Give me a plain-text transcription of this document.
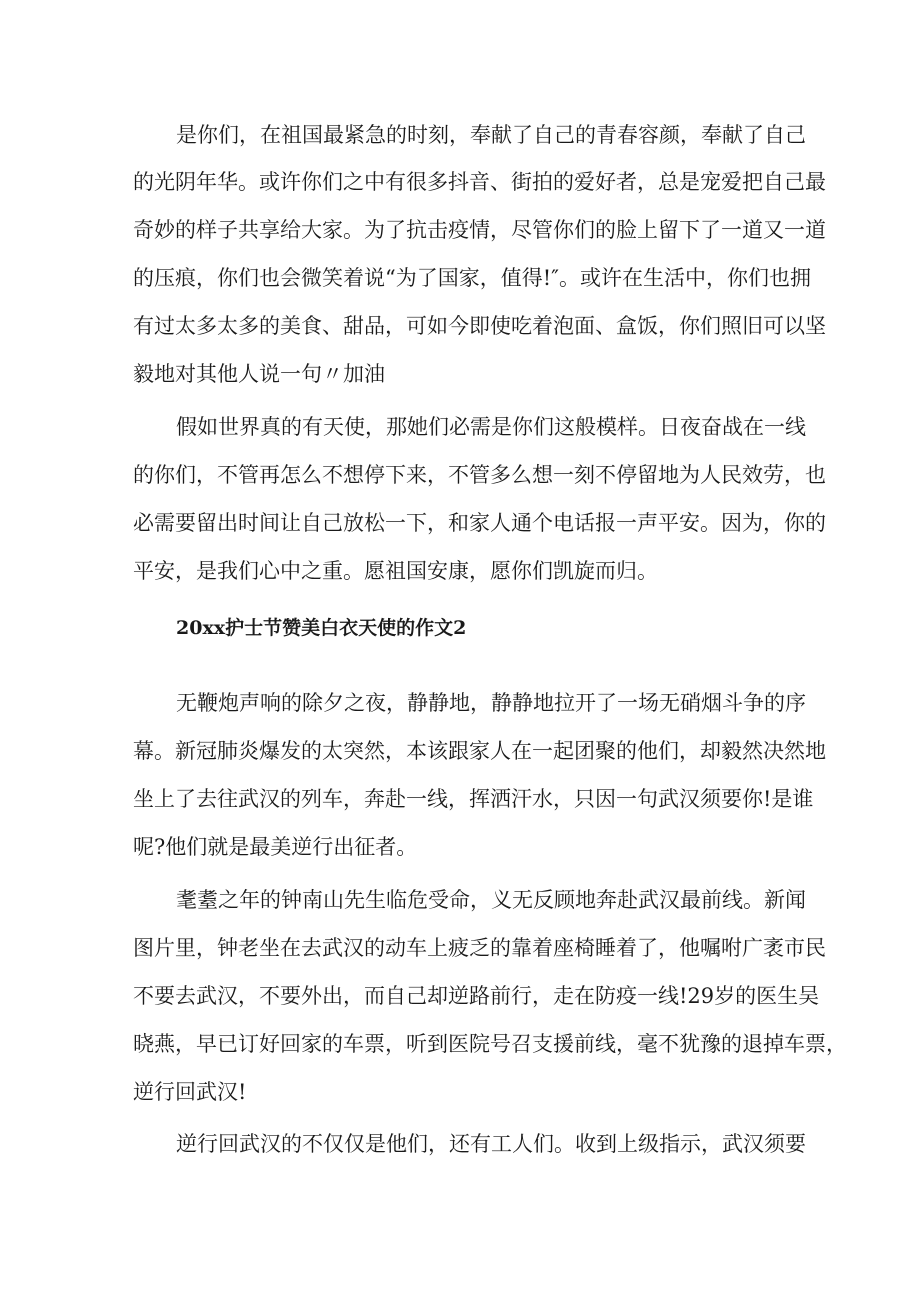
是你们，在祖国最紧急的时刻，奉献了自己的青春容颜，奉献了自己
的光阴年华。或许你们之中有很多抖音、街拍的爱好者，总是宠爱把自己最
奇妙的样子共享给大家。为了抗击疫情，尽管你们的脸上留下了一道又一道
的压痕，你们也会微笑着说“为了国家，值得!″。或许在生活中，你们也拥
有过太多太多的美食、甜品，可如今即使吃着泡面、盒饭，你们照旧可以坚
毅地对其他人说一句〃加油
假如世界真的有天使，那她们必需是你们这般模样。日夜奋战在一线
的你们，不管再怎么不想停下来，不管多么想一刻不停留地为人民效劳，也
必需要留出时间让自己放松一下，和家人通个电话报一声平安。因为，你的
平安，是我们心中之重。愿祖国安康，愿你们凯旋而归。
20xx护士节赞美白衣天使的作文2
无鞭炮声响的除夕之夜，静静地，静静地拉开了一场无硝烟斗争的序
幕。新冠肺炎爆发的太突然，本该跟家人在一起团聚的他们，却毅然决然地
坐上了去往武汉的列车，奔赴一线，挥洒汗水，只因一句武汉须要你!是谁
呢?他们就是最美逆行出征者。
耄耋之年的钟南山先生临危受命，义无反顾地奔赴武汉最前线。新闻
图片里，钟老坐在去武汉的动车上疲乏的靠着座椅睡着了，他嘱咐广袤市民
不要去武汉，不要外出，而自己却逆路前行，走在防疫一线!29岁的医生吴
晓燕，早已订好回家的车票，听到医院号召支援前线，毫不犹豫的退掉车票，
逆行回武汉!
逆行回武汉的不仅仅是他们，还有工人们。收到上级指示，武汉须要
